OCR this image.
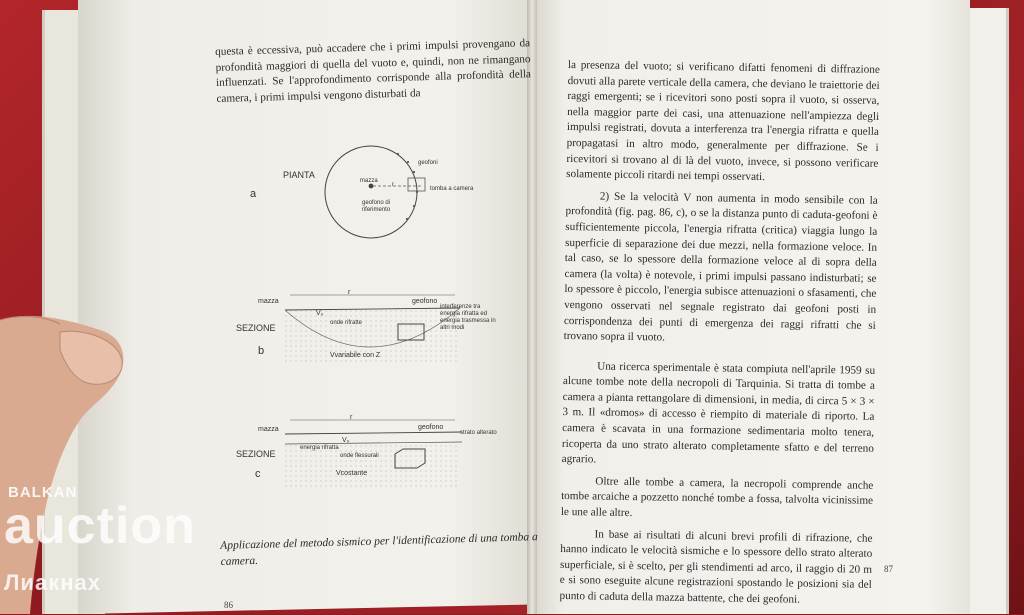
questa è eccessiva, può accadere che i primi impulsi provengano da profondità maggiori di quella del vuoto e, quindi, non ne rimangano influenzati. Se l'approfondimento corrisponde alla profondità della camera, i primi impulsi vengono disturbati da
PIANTA
a
mazza
r
geofoni
tomba a camera
geofono di riferimento
mazza
r
geofono
V₀
onde rifratte
interferenze tra energia rifratta ed energia trasmessa in altri modi
Vvariabile con Z
SEZIONE
b
mazza
r
geofono
V₀
strato alterato
energia rifratta
onde flessurali
Vcostante
SEZIONE
c
Applicazione del metodo sismico per l'identificazione di una tomba a camera.
86

la presenza del vuoto; si verificano difatti fenomeni di diffrazione dovuti alla parete verticale della camera, che deviano le traiettorie dei raggi emergenti; se i ricevitori sono posti sopra il vuoto, si osserva, nella maggior parte dei casi, una attenuazione nell'ampiezza degli impulsi registrati, dovuta a interferenza tra l'energia rifratta e quella propagatasi in altro modo, generalmente per diffrazione. Se i ricevitori si trovano al di là del vuoto, invece, si possono verificare solamente piccoli ritardi nei tempi osservati.

2) Se la velocità V non aumenta in modo sensibile con la profondità (fig. pag. 86, c), o se la distanza punto di caduta-geofoni è sufficientemente piccola, l'energia rifratta (critica) viaggia lungo la superficie di separazione dei due mezzi, nella formazione veloce. In tal caso, se lo spessore della formazione veloce al di sopra della camera (la volta) è notevole, i primi impulsi passano indisturbati; se lo spessore è piccolo, l'energia subisce attenuazioni o sfasamenti, che vengono osservati nel segnale registrato dai geofoni posti in corrispondenza dei punti di emergenza dei raggi rifratti che si trovano sopra il vuoto.

Una ricerca sperimentale è stata compiuta nell'aprile 1959 su alcune tombe note della necropoli di Tarquinia. Si tratta di tombe a camera a pianta rettangolare di dimensioni, in media, di circa 5 × 3 × 3 m. Il «dromos» di accesso è riempito di materiale di riporto. La camera è scavata in una formazione sedimentaria molto tenera, ricoperta da uno strato alterato completamente sfatto e del terreno agrario.

Oltre alle tombe a camera, la necropoli comprende anche tombe arcaiche a pozzetto nonché tombe a fossa, talvolta vicinissime le une alle altre.

In base ai risultati di alcuni brevi profili di rifrazione, che hanno indicato le velocità sismiche e lo spessore dello strato alterato superficiale, si è scelto, per gli stendimenti ad arco, il raggio di 20 m e si sono eseguite alcune registrazioni spostando le posizioni sia del punto di caduta della mazza battente, che dei geofoni.

87
BALKAN
auction
Лиакнах
